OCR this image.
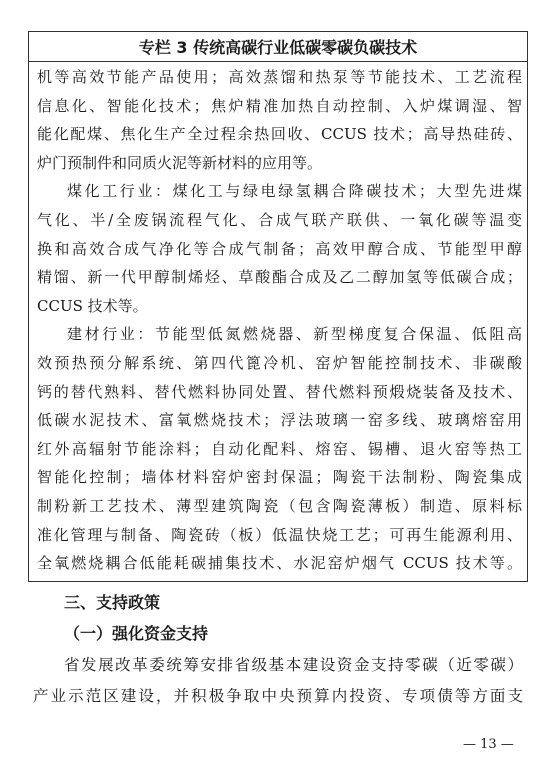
专栏 3 传统高碳行业低碳零碳负碳技术
机等高效节能产品使用；高效蒸馏和热泵等节能技术、工艺流程
信息化、智能化技术；焦炉精准加热自动控制、入炉煤调湿、智
能化配煤、焦化生产全过程余热回收、CCUS 技术；高导热硅砖、
炉门预制件和同质火泥等新材料的应用等。
煤化工行业：煤化工与绿电绿氢耦合降碳技术；大型先进煤
气化、半/全废锅流程气化、合成气联产联供、一氧化碳等温变
换和高效合成气净化等合成气制备；高效甲醇合成、节能型甲醇
精馏、新一代甲醇制烯烃、草酸酯合成及乙二醇加氢等低碳合成；
CCUS 技术等。
建材行业：节能型低氮燃烧器、新型梯度复合保温、低阻高
效预热预分解系统、第四代篦冷机、窑炉智能控制技术、非碳酸
钙的替代熟料、替代燃料协同处置、替代燃料预煅烧装备及技术、
低碳水泥技术、富氧燃烧技术；浮法玻璃一窑多线、玻璃熔窑用
红外高辐射节能涂料；自动化配料、熔窑、锡槽、退火窑等热工
智能化控制；墙体材料窑炉密封保温；陶瓷干法制粉、陶瓷集成
制粉新工艺技术、薄型建筑陶瓷（包含陶瓷薄板）制造、原料标
准化管理与制备、陶瓷砖（板）低温快烧工艺；可再生能源利用、
三、支持政策
（一）强化资金支持
省发展改革委统筹安排省级基本建设资金支持零碳（近零碳）
产业示范区建设，并积极争取中央预算内投资、专项债等方面支
— 13 —
全氧燃烧耦合低能耗碳捕集技术、水泥窑炉烟气 CCUS 技术等。
